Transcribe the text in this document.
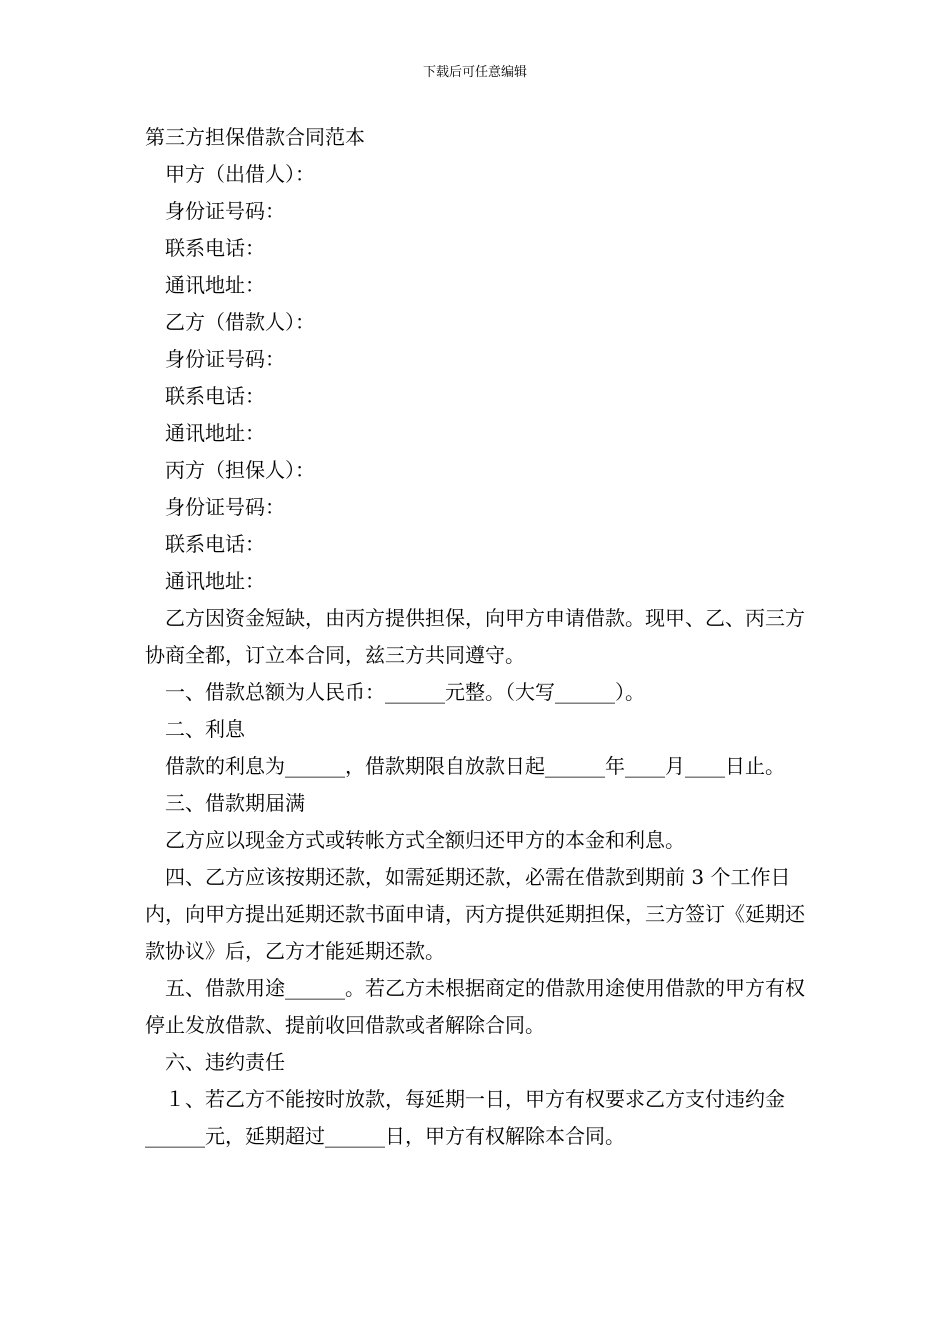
下载后可任意编辑
第三方担保借款合同范本
甲方（出借人）：
身份证号码：
联系电话：
通讯地址：
乙方（借款人）：
身份证号码：
联系电话：
通讯地址：
丙方（担保人）：
身份证号码：
联系电话：
通讯地址：

乙方因资金短缺，由丙方提供担保，向甲方申请借款。现甲、乙、丙三方协商全都，订立本合同，兹三方共同遵守。

一、借款总额为人民币：______元整。（大写______）。
二、利息

借款的利息为______，借款期限自放款日起______年____月____日止。

三、借款期届满

乙方应以现金方式或转帐方式全额归还甲方的本金和利息。

四、乙方应该按期还款，如需延期还款，必需在借款到期前 3 个工作日内，向甲方提出延期还款书面申请，丙方提供延期担保，三方签订《延期还款协议》后，乙方才能延期还款。

五、借款用途______。若乙方未根据商定的借款用途使用借款的甲方有权停止发放借款、提前收回借款或者解除合同。

六、违约责任

１、若乙方不能按时放款，每延期一日，甲方有权要求乙方支付违约金______元，延期超过______日，甲方有权解除本合同。
